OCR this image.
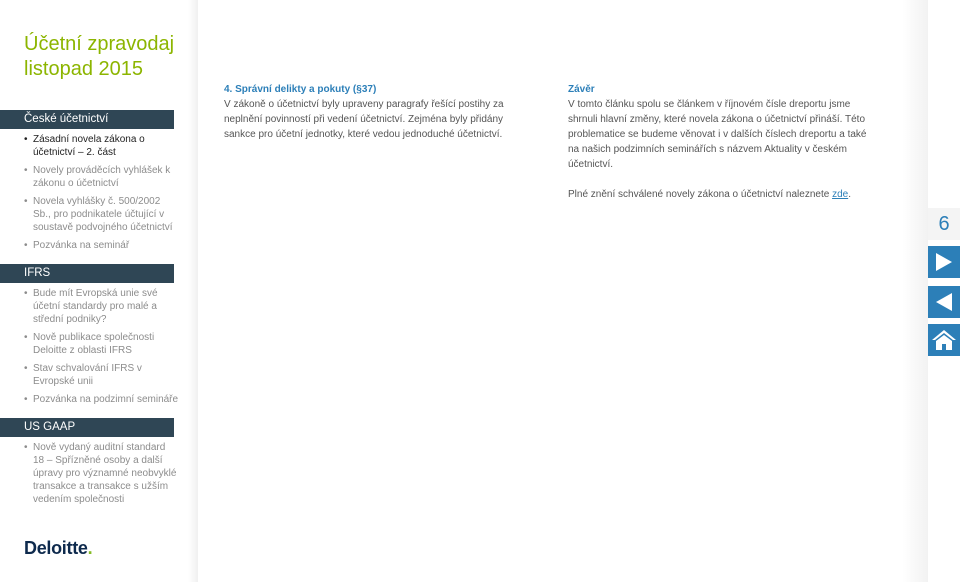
Účetní zpravodaj
listopad 2015
České účetnictví
• Zásadní novela zákona o účetnictví – 2. část
• Novely prováděcích vyhlášek k zákonu o účetnictví
• Novela vyhlášky č. 500/2002 Sb., pro podnikatele účtující v soustavě podvojného účetnictví
• Pozvánka na seminář
IFRS
• Bude mít Evropská unie své účetní standardy pro malé a střední podniky?
• Nově publikace společnosti Deloitte z oblasti IFRS
• Stav schvalování IFRS v Evropské unii
• Pozvánka na podzimní semináře
US GAAP
• Nově vydaný auditní standard 18 – Spřízněné osoby a další úpravy pro významné neobvyklé transakce a transakce s užším vedením společnosti
Deloitte.
4. Správní delikty a pokuty (§37)

V zákoně o účetnictví byly upraveny paragrafy řešící postihy za neplnění povinností při vedení účetnictví. Zejména byly přidány sankce pro účetní jednotky, které vedou jednoduché účetnictví.

Závěr

V tomto článku spolu se článkem v říjnovém čísle dreportu jsme shrnuli hlavní změny, které novela zákona o účetnictví přináší. Této problematice se budeme věnovat i v dalších číslech dreportu a také na našich podzimních seminářích s názvem Aktuality v českém účetnictví.

Plné znění schválené novely zákona o účetnictví naleznete zde.

6
